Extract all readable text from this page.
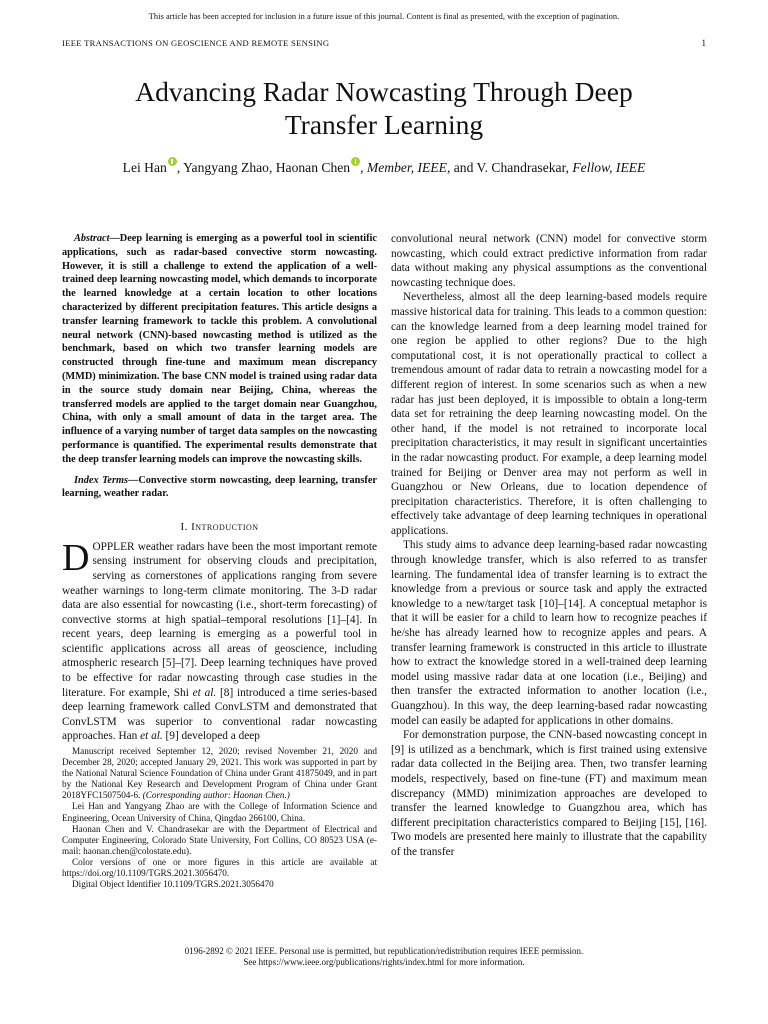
This article has been accepted for inclusion in a future issue of this journal. Content is final as presented, with the exception of pagination.
IEEE TRANSACTIONS ON GEOSCIENCE AND REMOTE SENSING	1
Advancing Radar Nowcasting Through Deep
Transfer Learning
Lei Han , Yangyang Zhao, Haonan Chen , Member, IEEE, and V. Chandrasekar, Fellow, IEEE

Abstract—Deep learning is emerging as a powerful tool in scientific applications, such as radar-based convective storm nowcasting. However, it is still a challenge to extend the application of a well-trained deep learning nowcasting model, which demands to incorporate the learned knowledge at a certain location to other locations characterized by different precipitation features. This article designs a transfer learning framework to tackle this problem. A convolutional neural network (CNN)-based nowcasting method is utilized as the benchmark, based on which two transfer learning models are constructed through fine-tune and maximum mean discrepancy (MMD) minimization. The base CNN model is trained using radar data in the source study domain near Beijing, China, whereas the transferred models are applied to the target domain near Guangzhou, China, with only a small amount of data in the target area. The influence of a varying number of target data samples on the nowcasting performance is quantified. The experimental results demonstrate that the deep transfer learning models can improve the nowcasting skills.

Index Terms—Convective storm nowcasting, deep learning, transfer learning, weather radar.

I. Introduction

DOPPLER weather radars have been the most important remote sensing instrument for observing clouds and precipitation, serving as cornerstones of applications ranging from severe weather warnings to long-term climate monitoring. The 3-D radar data are also essential for nowcasting (i.e., short-term forecasting) of convective storms at high spatial–temporal resolutions [1]–[4]. In recent years, deep learning is emerging as a powerful tool in scientific applications across all areas of geoscience, including atmospheric research [5]–[7]. Deep learning techniques have proved to be effective for radar nowcasting through case studies in the literature. For example, Shi et al. [8] introduced a time series-based deep learning framework called ConvLSTM and demonstrated that ConvLSTM was superior to conventional radar nowcasting approaches. Han et al. [9] developed a deep

Manuscript received September 12, 2020; revised November 21, 2020 and December 28, 2020; accepted January 29, 2021. This work was supported in part by the National Natural Science Foundation of China under Grant 41875049, and in part by the National Key Research and Development Program of China under Grant 2018YFC1507504-6. (Corresponding author: Haonan Chen.)

Lei Han and Yangyang Zhao are with the College of Information Science and Engineering, Ocean University of China, Qingdao 266100, China.

Haonan Chen and V. Chandrasekar are with the Department of Electrical and Computer Engineering, Colorado State University, Fort Collins, CO 80523 USA (e-mail: haonan.chen@colostate.edu).

Color versions of one or more figures in this article are available at https://doi.org/10.1109/TGRS.2021.3056470.

Digital Object Identifier 10.1109/TGRS.2021.3056470

convolutional neural network (CNN) model for convective storm nowcasting, which could extract predictive information from radar data without making any physical assumptions as the conventional nowcasting technique does.

Nevertheless, almost all the deep learning-based models require massive historical data for training. This leads to a common question: can the knowledge learned from a deep learning model trained for one region be applied to other regions? Due to the high computational cost, it is not operationally practical to collect a tremendous amount of radar data to retrain a nowcasting model for a different region of interest. In some scenarios such as when a new radar has just been deployed, it is impossible to obtain a long-term data set for retraining the deep learning nowcasting model. On the other hand, if the model is not retrained to incorporate local precipitation characteristics, it may result in significant uncertainties in the radar nowcasting product. For example, a deep learning model trained for Beijing or Denver area may not perform as well in Guangzhou or New Orleans, due to location dependence of precipitation characteristics. Therefore, it is often challenging to effectively take advantage of deep learning techniques in operational applications.

This study aims to advance deep learning-based radar nowcasting through knowledge transfer, which is also referred to as transfer learning. The fundamental idea of transfer learning is to extract the knowledge from a previous or source task and apply the extracted knowledge to a new/target task [10]–[14]. A conceptual metaphor is that it will be easier for a child to learn how to recognize peaches if he/she has already learned how to recognize apples and pears. A transfer learning framework is constructed in this article to illustrate how to extract the knowledge stored in a well-trained deep learning model using massive radar data at one location (i.e., Beijing) and then transfer the extracted information to another location (i.e., Guangzhou). In this way, the deep learning-based radar nowcasting model can easily be adapted for applications in other domains.

For demonstration purpose, the CNN-based nowcasting concept in [9] is utilized as a benchmark, which is first trained using extensive radar data collected in the Beijing area. Then, two transfer learning models, respectively, based on fine-tune (FT) and maximum mean discrepancy (MMD) minimization approaches are developed to transfer the learned knowledge to Guangzhou area, which has different precipitation characteristics compared to Beijing [15], [16]. Two models are presented here mainly to illustrate that the capability of the transfer

0196-2892 © 2021 IEEE. Personal use is permitted, but republication/redistribution requires IEEE permission.
See https://www.ieee.org/publications/rights/index.html for more information.
